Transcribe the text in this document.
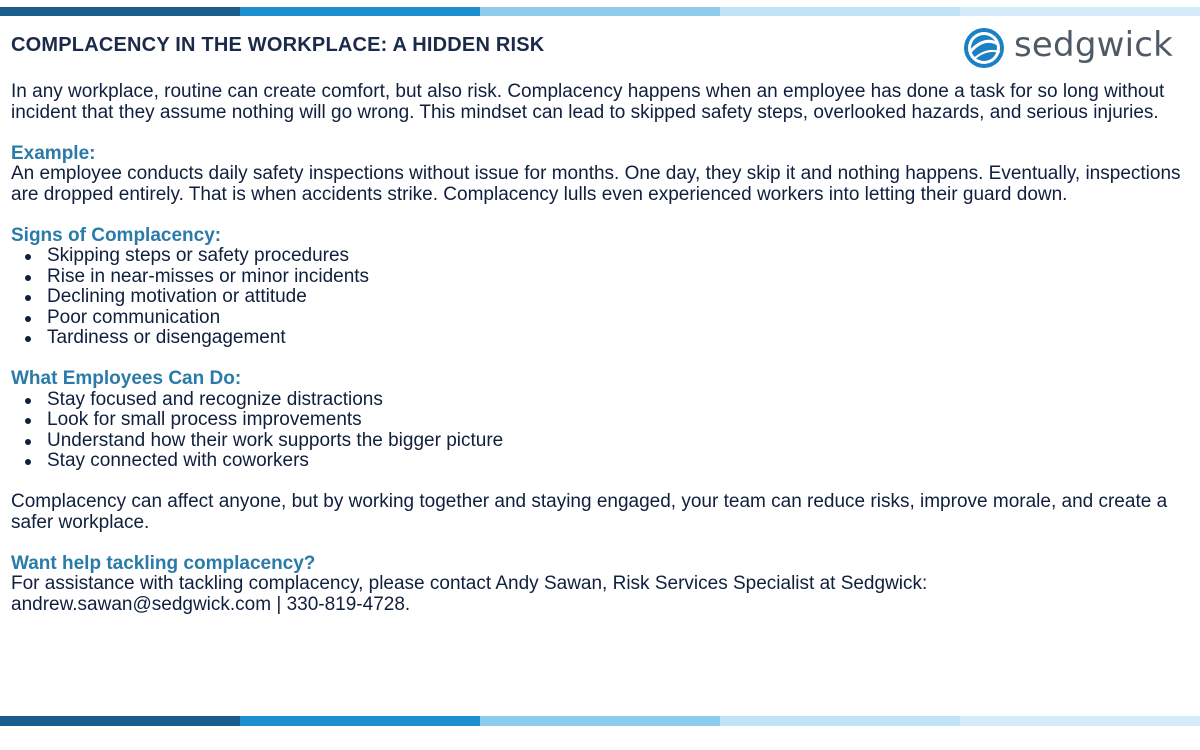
COMPLACENCY IN THE WORKPLACE: A HIDDEN RISK	sedgwick

In any workplace, routine can create comfort, but also risk. Complacency happens when an employee has done a task for so long without incident that they assume nothing will go wrong. This mindset can lead to skipped safety steps, overlooked hazards, and serious injuries.

Example:

An employee conducts daily safety inspections without issue for months. One day, they skip it and nothing happens. Eventually, inspections are dropped entirely. That is when accidents strike. Complacency lulls even experienced workers into letting their guard down.

Signs of Complacency:

Skipping steps or safety procedures
Rise in near-misses or minor incidents
Declining motivation or attitude
Poor communication
Tardiness or disengagement

What Employees Can Do:

Stay focused and recognize distractions
Look for small process improvements
Understand how their work supports the bigger picture
Stay connected with coworkers

Complacency can affect anyone, but by working together and staying engaged, your team can reduce risks, improve morale, and create a safer workplace.

Want help tackling complacency?

For assistance with tackling complacency, please contact Andy Sawan, Risk Services Specialist at Sedgwick:

andrew.sawan@sedgwick.com | 330-819-4728.
